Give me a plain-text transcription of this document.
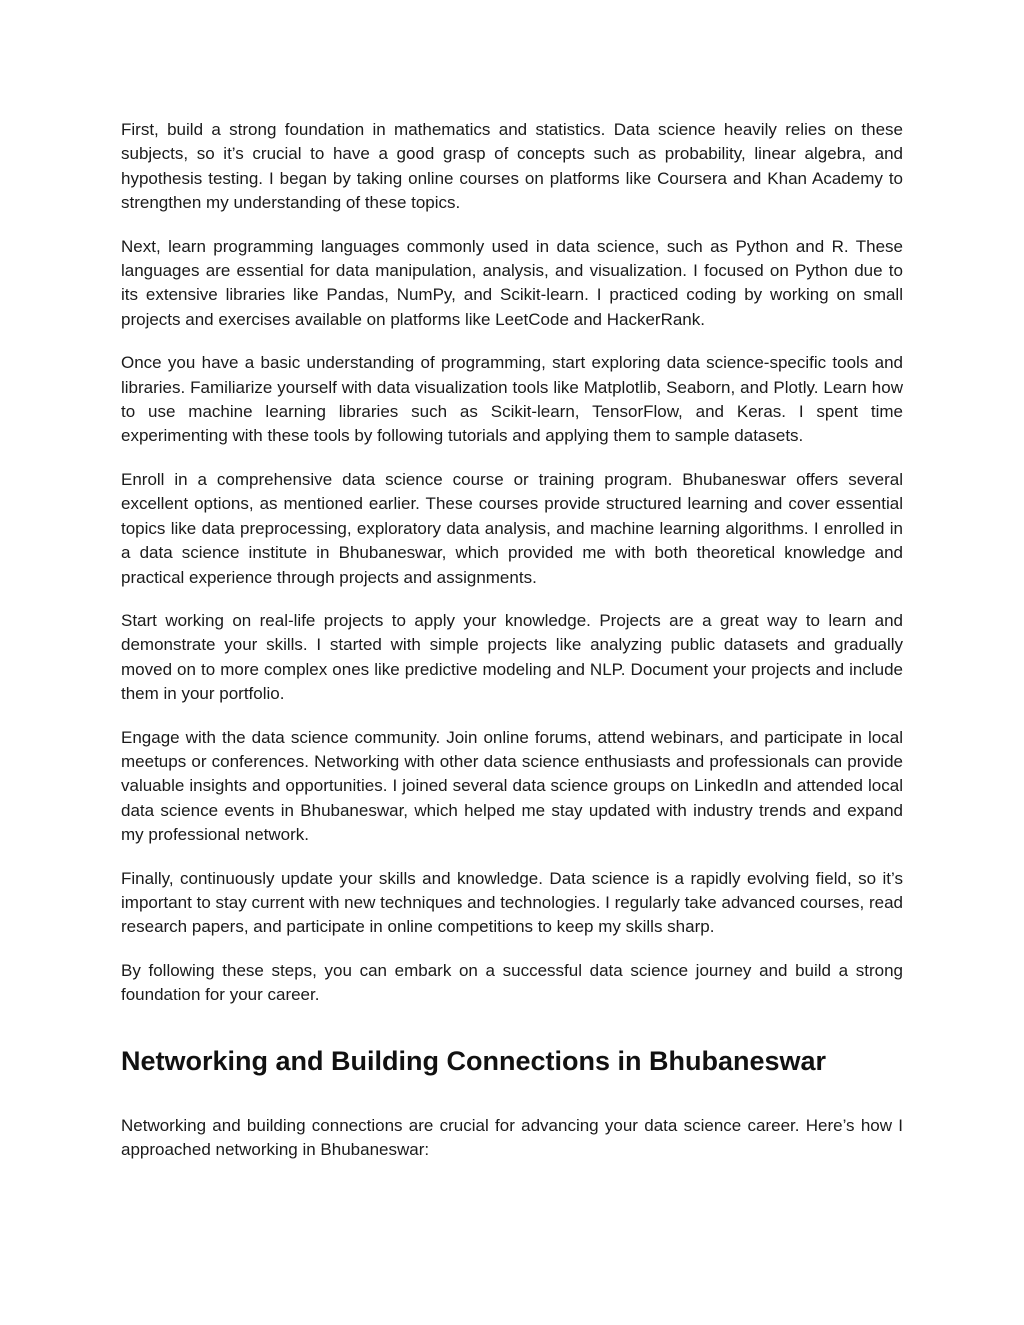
First, build a strong foundation in mathematics and statistics. Data science heavily relies on these subjects, so it’s crucial to have a good grasp of concepts such as probability, linear algebra, and hypothesis testing. I began by taking online courses on platforms like Coursera and Khan Academy to strengthen my understanding of these topics.

Next, learn programming languages commonly used in data science, such as Python and R. These languages are essential for data manipulation, analysis, and visualization. I focused on Python due to its extensive libraries like Pandas, NumPy, and Scikit-learn. I practiced coding by working on small projects and exercises available on platforms like LeetCode and HackerRank.

Once you have a basic understanding of programming, start exploring data science-specific tools and libraries. Familiarize yourself with data visualization tools like Matplotlib, Seaborn, and Plotly. Learn how to use machine learning libraries such as Scikit-learn, TensorFlow, and Keras. I spent time experimenting with these tools by following tutorials and applying them to sample datasets.

Enroll in a comprehensive data science course or training program. Bhubaneswar offers several excellent options, as mentioned earlier. These courses provide structured learning and cover essential topics like data preprocessing, exploratory data analysis, and machine learning algorithms. I enrolled in a data science institute in Bhubaneswar, which provided me with both theoretical knowledge and practical experience through projects and assignments.

Start working on real-life projects to apply your knowledge. Projects are a great way to learn and demonstrate your skills. I started with simple projects like analyzing public datasets and gradually moved on to more complex ones like predictive modeling and NLP. Document your projects and include them in your portfolio.

Engage with the data science community. Join online forums, attend webinars, and participate in local meetups or conferences. Networking with other data science enthusiasts and professionals can provide valuable insights and opportunities. I joined several data science groups on LinkedIn and attended local data science events in Bhubaneswar, which helped me stay updated with industry trends and expand my professional network.

Finally, continuously update your skills and knowledge. Data science is a rapidly evolving field, so it’s important to stay current with new techniques and technologies. I regularly take advanced courses, read research papers, and participate in online competitions to keep my skills sharp.

By following these steps, you can embark on a successful data science journey and build a strong foundation for your career.

Networking and Building Connections in Bhubaneswar

Networking and building connections are crucial for advancing your data science career. Here’s how I approached networking in Bhubaneswar:
